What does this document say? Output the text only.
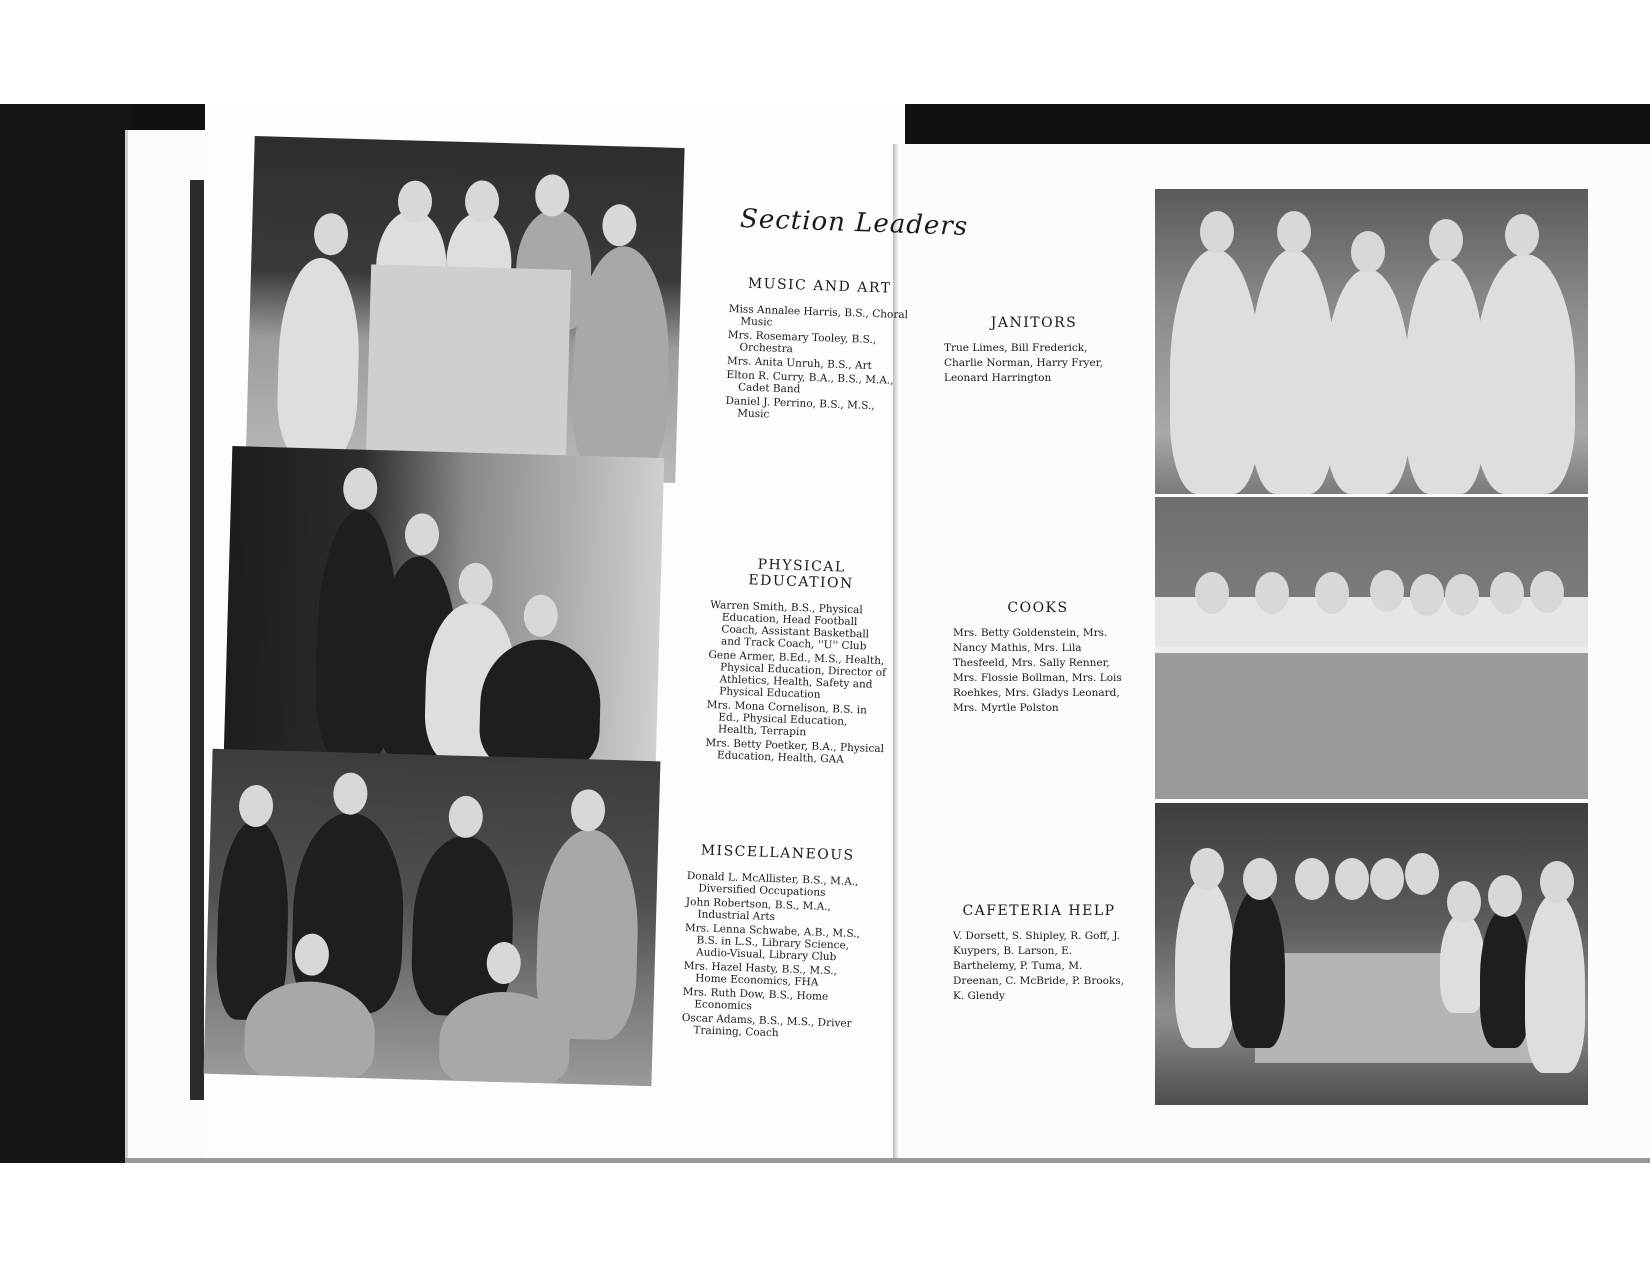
Section Leaders
MUSIC AND ART

Miss Annalee Harris, B.S., Choral Music

Mrs. Rosemary Tooley, B.S., Orchestra

Mrs. Anita Unruh, B.S., Art

Elton R. Curry, B.A., B.S., M.A., Cadet Band

Daniel J. Perrino, B.S., M.S., Music

PHYSICAL EDUCATION

Warren Smith, B.S., Physical Education, Head Football Coach, Assistant Basketball and Track Coach, ''U'' Club

Gene Armer, B.Ed., M.S., Health, Physical Education, Director of Athletics, Health, Safety and Physical Education

Mrs. Mona Cornelison, B.S. in Ed., Physical Education, Health, Terrapin

Mrs. Betty Poetker, B.A., Physical Education, Health, GAA

MISCELLANEOUS

Donald L. McAllister, B.S., M.A., Diversified Occupations

John Robertson, B.S., M.A., Industrial Arts

Mrs. Lenna Schwabe, A.B., M.S., B.S. in L.S., Library Science, Audio-Visual, Library Club

Mrs. Hazel Hasty, B.S., M.S., Home Economics, FHA

Mrs. Ruth Dow, B.S., Home Economics

Oscar Adams, B.S., M.S., Driver Training, Coach

JANITORS

True Limes, Bill Frederick, Charlie Norman, Harry Fryer, Leonard Harrington

COOKS

Mrs. Betty Goldenstein, Mrs. Nancy Mathis, Mrs. Lila Thesfeeld, Mrs. Sally Renner, Mrs. Flossie Bollman, Mrs. Lois Roehkes, Mrs. Gladys Leonard, Mrs. Myrtle Polston

CAFETERIA HELP

V. Dorsett, S. Shipley, R. Goff, J. Kuypers, B. Larson, E. Barthelemy, P. Tuma, M. Dreenan, C. McBride, P. Brooks, K. Glendy
